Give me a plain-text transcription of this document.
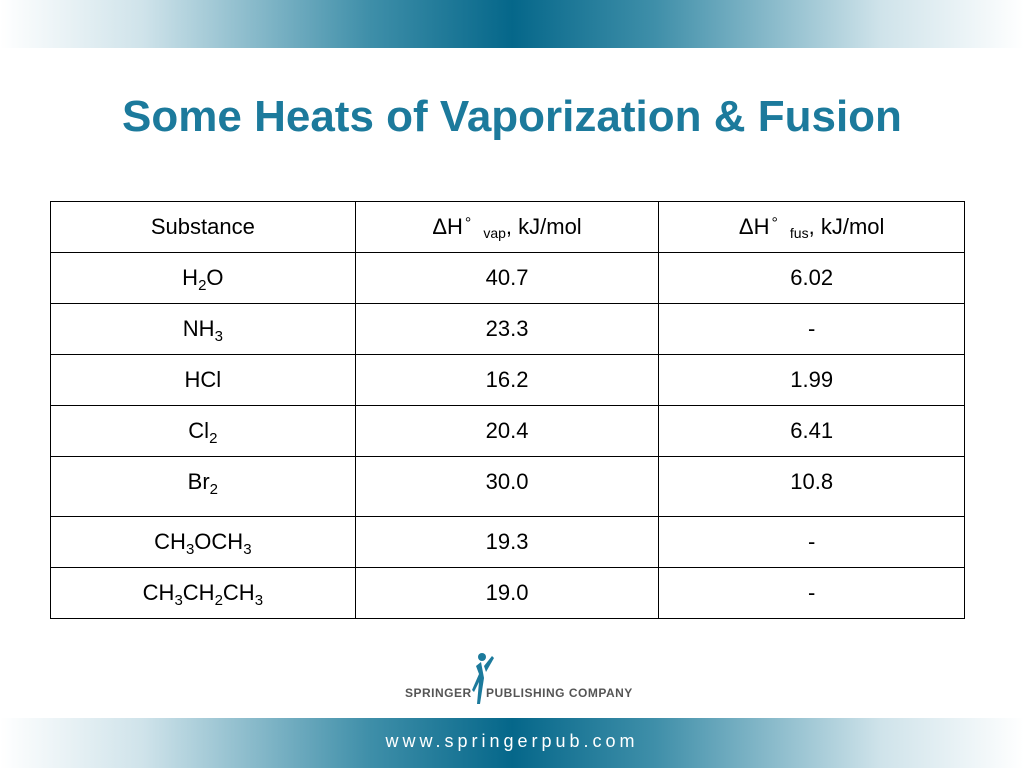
Some Heats of Vaporization & Fusion
Substance	ΔH °vap, kJ/mol	ΔH °fus, kJ/mol
$H_2O$	40.7	6.02
$NH_3$	23.3	-
HCl	16.2	1.99
$Cl_2$	20.4	6.41
$Br_2$	30.0	10.8
$CH_3OCH_3$	19.3	-
$CH_3CH_2CH_3$	19.0	-
SPRINGER PUBLISHING COMPANY
www.springerpub.com
